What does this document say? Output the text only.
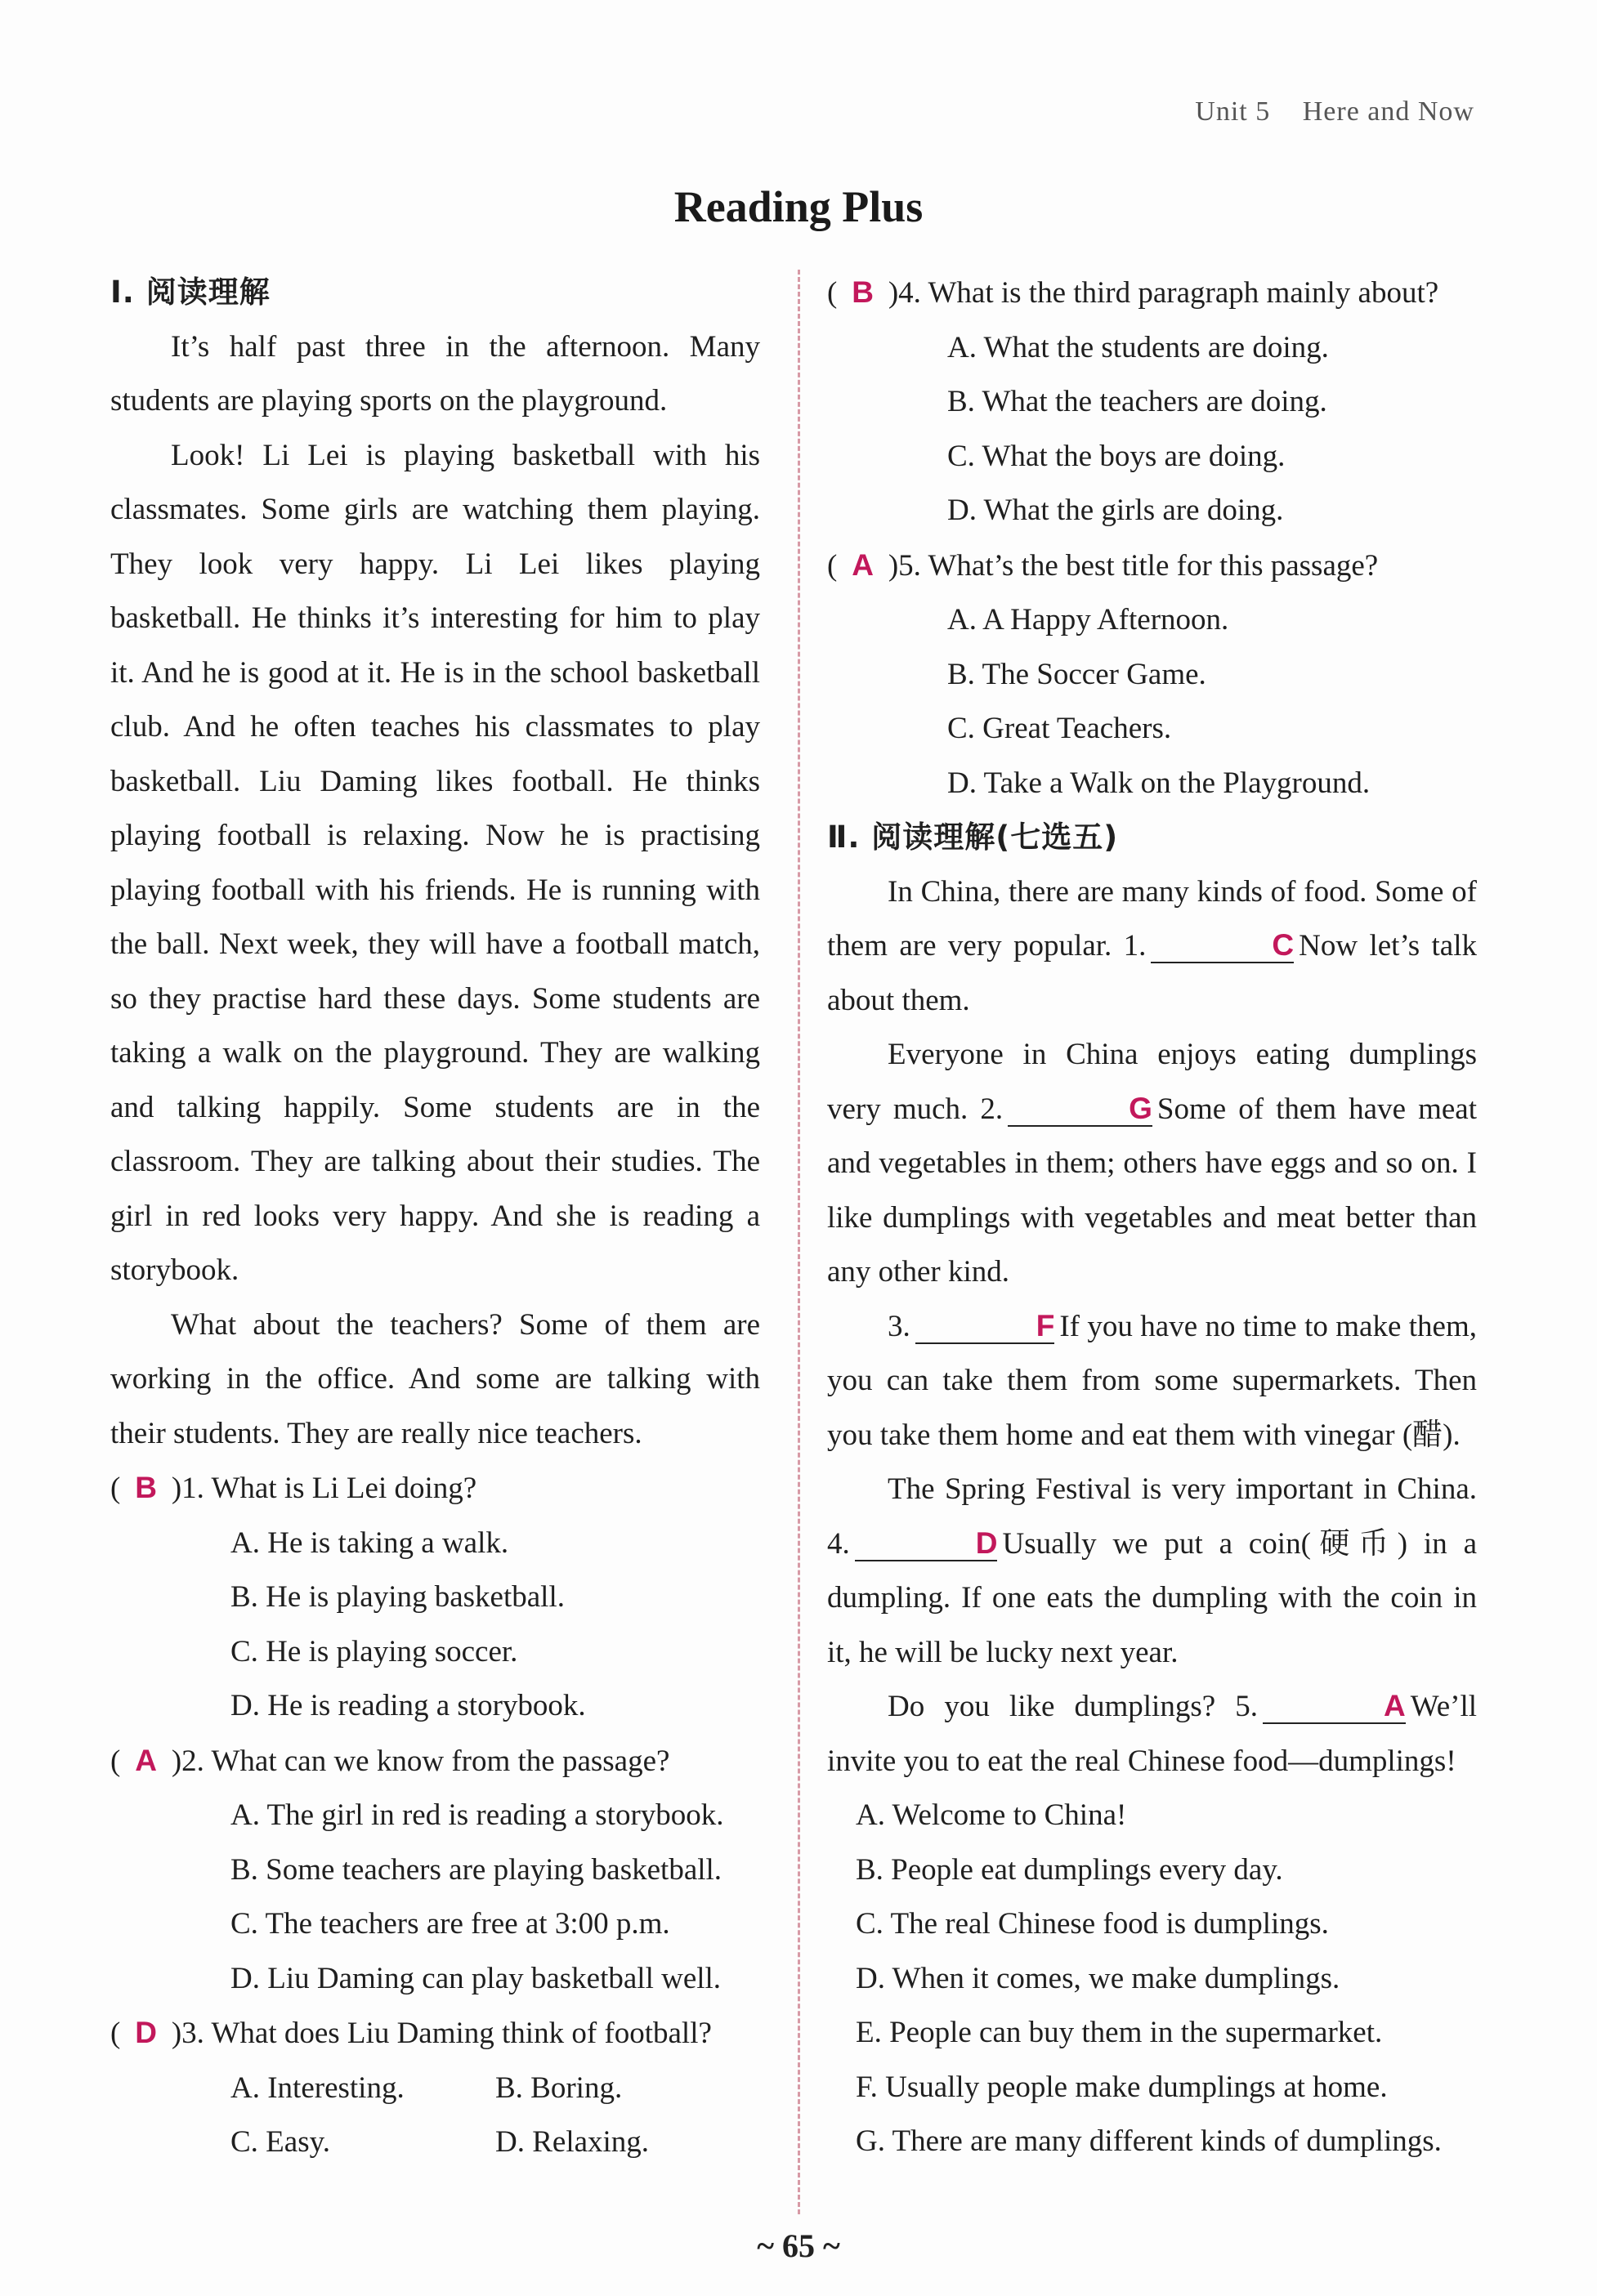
Unit 5 Here and Now
Reading Plus
Ⅰ. 阅读理解

It’s half past three in the afternoon. Many students are playing sports on the playground.

Look! Li Lei is playing basketball with his classmates. Some girls are watching them playing. They look very happy. Li Lei likes playing basketball. He thinks it’s interesting for him to play it. And he is good at it. He is in the school basketball club. And he often teaches his classmates to play basketball. Liu Daming likes football. He thinks playing football is relaxing. Now he is practising playing football with his friends. He is running with the ball. Next week, they will have a football match, so they practise hard these days. Some students are taking a walk on the playground. They are walking and talking happily. Some students are in the classroom. They are talking about their studies. The girl in red looks very happy. And she is reading a storybook.

What about the teachers? Some of them are working in the office. And some are talking with their students. They are really nice teachers.

( B )1. What is Li Lei doing?

A. He is taking a walk.

B. He is playing basketball.

C. He is playing soccer.

D. He is reading a storybook.

( A )2. What can we know from the passage?

A. The girl in red is reading a storybook.

B. Some teachers are playing basketball.

C. The teachers are free at 3:00 p.m.

D. Liu Daming can play basketball well.

( D )3. What does Liu Daming think of football?

A. Interesting.	B. Boring.
C. Easy.	D. Relaxing.

( B )4. What is the third paragraph mainly about?

A. What the students are doing.

B. What the teachers are doing.

C. What the boys are doing.

D. What the girls are doing.

( A )5. What’s the best title for this passage?

A. A Happy Afternoon.

B. The Soccer Game.

C. Great Teachers.

D. Take a Walk on the Playground.

Ⅱ. 阅读理解(七选五)

In China, there are many kinds of food. Some of them are very popular. 1.	C Now let’s talk about them.

Everyone in China enjoys eating dumplings very much. 2.	G Some of them have meat and vegetables in them; others have eggs and so on. I like dumplings with vegetables and meat better than any other kind.

3.	F If you have no time to make them, you can take them from some supermarkets. Then you take them home and eat them with vinegar (醋).

The Spring Festival is very important in China. 4.	D Usually we put a coin(硬币) in a dumpling. If one eats the dumpling with the coin in it, he will be lucky next year.

Do you like dumplings? 5.	A We’ll invite you to eat the real Chinese food—dumplings!

A. Welcome to China!

B. People eat dumplings every day.

C. The real Chinese food is dumplings.

D. When it comes, we make dumplings.

E. People can buy them in the supermarket.

F. Usually people make dumplings at home.

G. There are many different kinds of dumplings.

~ 65 ~
